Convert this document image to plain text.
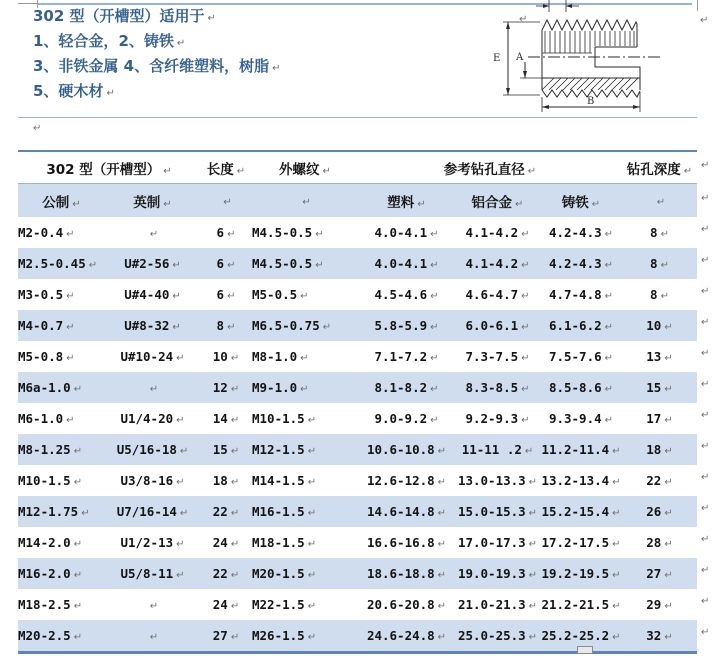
302 型（开槽型）适用于 ↵
1、轻合金，2、铸铁 ↵
3、非铁金属 4、含纤维塑料，树脂 ↵
5、硬木材 ↵
E A
B
↵	↵
↵
302 型（开槽型） ↵		长度 ↵	外螺纹 ↵	参考钻孔直径 ↵			钻孔深度 ↵
公制 ↵	英制 ↵	↵	↵	塑料 ↵	铝合金 ↵	铸铁 ↵	↵
M2-0.4 ↵	↵	6 ↵	M4.5-0.5 ↵	4.0-4.1 ↵	4.1-4.2 ↵	4.2-4.3 ↵	8 ↵
M2.5-0.45 ↵	U#2-56 ↵	6 ↵	M4.5-0.5 ↵	4.0-4.1 ↵	4.1-4.2 ↵	4.2-4.3 ↵	8 ↵
M3-0.5 ↵	U#4-40 ↵	6 ↵	M5-0.5 ↵	4.5-4.6 ↵	4.6-4.7 ↵	4.7-4.8 ↵	8 ↵
M4-0.7 ↵	U#8-32 ↵	8 ↵	M6.5-0.75 ↵	5.8-5.9 ↵	6.0-6.1 ↵	6.1-6.2 ↵	10 ↵
M5-0.8 ↵	U#10-24 ↵	10 ↵	M8-1.0 ↵	7.1-7.2 ↵	7.3-7.5 ↵	7.5-7.6 ↵	13 ↵
M6a-1.0 ↵	↵	12 ↵	M9-1.0 ↵	8.1-8.2 ↵	8.3-8.5 ↵	8.5-8.6 ↵	15 ↵
M6-1.0 ↵	U1/4-20 ↵	14 ↵	M10-1.5 ↵	9.0-9.2 ↵	9.2-9.3 ↵	9.3-9.4 ↵	17 ↵
M8-1.25 ↵	U5/16-18 ↵	15 ↵	M12-1.5 ↵	10.6-10.8 ↵	11-11 .2 ↵	11.2-11.4 ↵	18 ↵
M10-1.5 ↵	U3/8-16 ↵	18 ↵	M14-1.5 ↵	12.6-12.8 ↵	13.0-13.3 ↵	13.2-13.4 ↵	22 ↵
M12-1.75 ↵	U7/16-14 ↵	22 ↵	M16-1.5 ↵	14.6-14.8 ↵	15.0-15.3 ↵	15.2-15.4 ↵	26 ↵
M14-2.0 ↵	U1/2-13 ↵	24 ↵	M18-1.5 ↵	16.6-16.8 ↵	17.0-17.3 ↵	17.2-17.5 ↵	28 ↵
M16-2.0 ↵	U5/8-11 ↵	22 ↵	M20-1.5 ↵	18.6-18.8 ↵	19.0-19.3 ↵	19.2-19.5 ↵	27 ↵
M18-2.5 ↵	↵	24 ↵	M22-1.5 ↵	20.6-20.8 ↵	21.0-21.3 ↵	21.2-21.5 ↵	29 ↵
M20-2.5 ↵	↵	27 ↵	M26-1.5 ↵	24.6-24.8 ↵	25.0-25.3 ↵	25.2-25.2 ↵	32 ↵
↵
↵
↵
↵
↵
↵
↵
↵
↵
↵
↵
↵
↵
↵
↵
↵
